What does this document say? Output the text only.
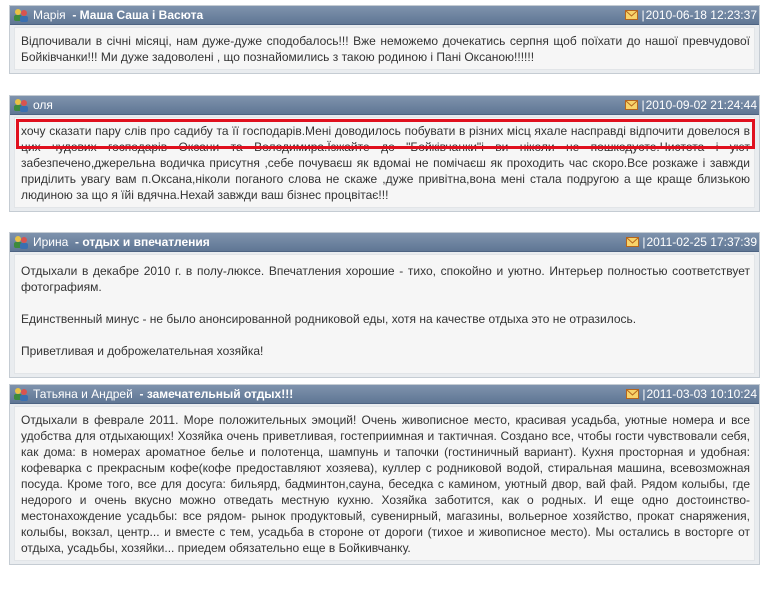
Марія  - Маша Саша і Васюта	|2010-06-18 12:23:37

Відпочивали в січні місяці, нам дуже-дуже сподобалось!!! Вже неможемо дочекатись серпня щоб поїхати до нашої превчудової Бойківчанки!!! Ми дуже задоволені , що познайомились з такою родиною і Пані Оксаною!!!!!!

оля	|2010-09-02 21:24:44

хочу сказати пару слів про садибу та її господарів.Мені доводилось побувати в різних місц яхале насправді відпочити довелося в цих чудових господарів Оксани та Володимира.Їзжайте до "Бойківчанки"і ви ніколи не пошкодуєте.Чистота і уют забезпечено,джерельна водичка присутня ,себе почуваєш як вдомаі не помічаєш як проходить час скоро.Все розкаже і завжди приділить увагу вам п.Оксана,ніколи поганого слова не скаже ,дуже привітна,вона мені стала подругою а ще краще близькою людиною за що я їйі вдячна.Нехай завжди ваш бізнес процвітає!!!

Ирина  - отдых и впечатления	|2011-02-25 17:37:39

Отдыхали в декабре 2010 г. в полу-люксе. Впечатления хорошие - тихо, спокойно и уютно. Интерьер полностью соответствует фотографиям.

Единственный минус - не было анонсированной родниковой еды, хотя на качестве отдыха это не отразилось.

Приветливая и доброжелательная хозяйка!

Татьяна и Андрей  - замечательный отдых!!!	|2011-03-03 10:10:24

Отдыхали в феврале 2011. Море положительных эмоций! Очень живописное место, красивая усадьба, уютные номера и все удобства для отдыхающих! Хозяйка очень приветливая, гостеприимная и тактичная. Создано все, чтобы гости чувствовали себя, как дома: в номерах ароматное белье и полотенца, шампунь и тапочки (гостиничный вариант). Кухня просторная и удобная: кофеварка с прекрасным кофе(кофе предоставляют хозяева), куллер с родниковой водой, стиральная машина, всевозможная посуда. Кроме того, все для досуга: бильярд, бадминтон,сауна, беседка с камином, уютный двор, вай фай. Рядом колыбы, где недорого и очень вкусно можно отведать местную кухню. Хозяйка заботится, как о родных. И еще одно достоинство- местонахождение усадьбы: все рядом- рынок продуктовый, сувенирный, магазины, вольерное хозяйство, прокат снаряжения, колыбы, вокзал, центр... и вместе с тем, усадьба в стороне от дороги (тихое и живописное место). Мы остались в восторге от отдыха, усадьбы, хозяйки... приедем обязательно еще в Бойкивчанку.
